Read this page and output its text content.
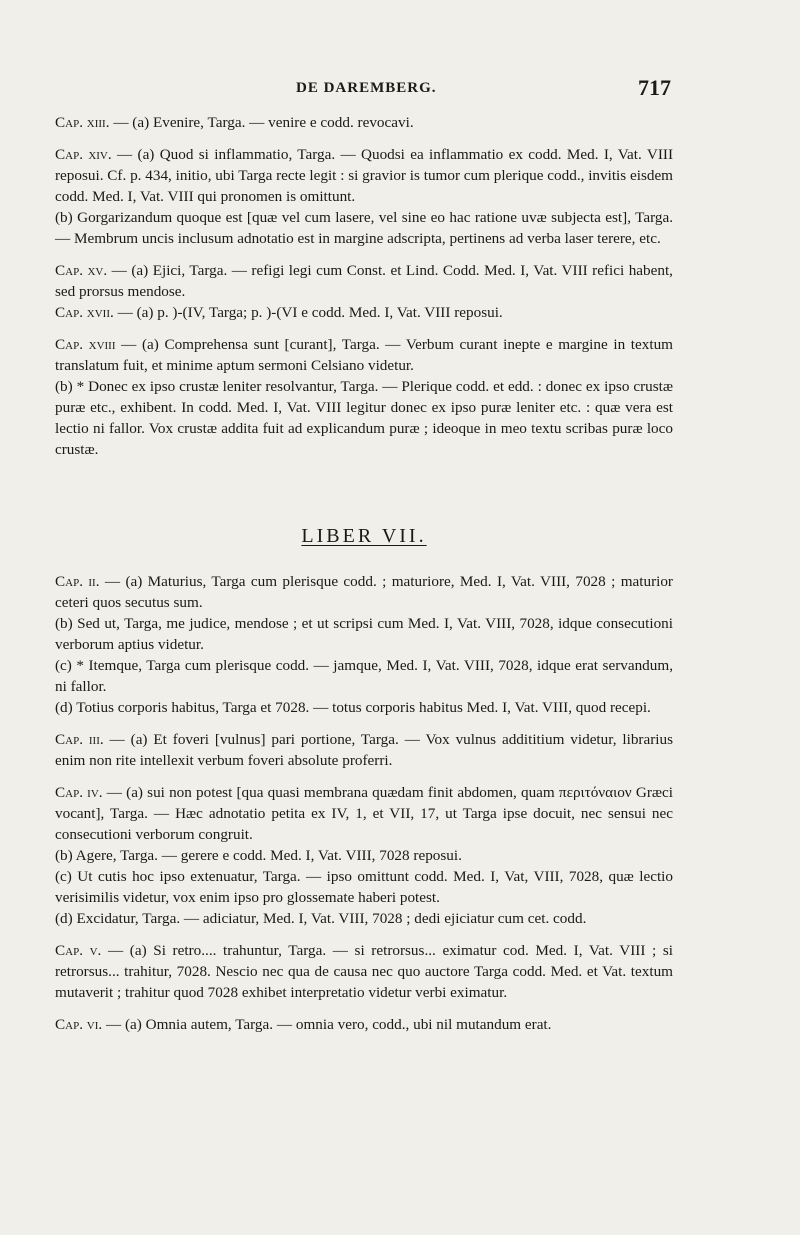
DE DAREMBERG.	717

Cap. xiii. — (a) Evenire, Targa. — venire e codd. revocavi.

Cap. xiv. — (a) Quod si inflammatio, Targa. — Quodsi ea inflammatio ex codd. Med. I, Vat. VIII reposui. Cf. p. 434, initio, ubi Targa recte legit : si gravior is tumor cum plerique codd., invitis eisdem codd. Med. I, Vat. VIII qui pronomen is omittunt.

(b) Gorgarizandum quoque est [quæ vel cum lasere, vel sine eo hac ratione uvæ subjecta est], Targa. — Membrum uncis inclusum adnotatio est in margine adscripta, pertinens ad verba laser terere, etc.

Cap. xv. — (a) Ejici, Targa. — refigi legi cum Const. et Lind. Codd. Med. I, Vat. VIII refici habent, sed prorsus mendose.

Cap. xvii. — (a) p. )-(IV, Targa; p. )-(VI e codd. Med. I, Vat. VIII reposui.

Cap. xviii — (a) Comprehensa sunt [curant], Targa. — Verbum curant inepte e margine in textum translatum fuit, et minime aptum sermoni Celsiano videtur.

(b) * Donec ex ipso crustæ leniter resolvantur, Targa. — Plerique codd. et edd. : donec ex ipso crustæ puræ etc., exhibent. In codd. Med. I, Vat. VIII legitur donec ex ipso puræ leniter etc. : quæ vera est lectio ni fallor. Vox crustæ addita fuit ad explicandum puræ ; ideoque in meo textu scribas puræ loco crustæ.

LIBER VII.

Cap. ii. — (a) Maturius, Targa cum plerisque codd. ; maturiore, Med. I, Vat. VIII, 7028 ; maturior ceteri quos secutus sum.

(b) Sed ut, Targa, me judice, mendose ; et ut scripsi cum Med. I, Vat. VIII, 7028, idque consecutioni verborum aptius videtur.

(c) * Itemque, Targa cum plerisque codd. — jamque, Med. I, Vat. VIII, 7028, idque erat servandum, ni fallor.

(d) Totius corporis habitus, Targa et 7028. — totus corporis habitus Med. I, Vat. VIII, quod recepi.

Cap. iii. — (a) Et foveri [vulnus] pari portione, Targa. — Vox vulnus addititium videtur, librarius enim non rite intellexit verbum foveri absolute proferri.

Cap. iv. — (a) sui non potest [qua quasi membrana quædam finit abdomen, quam περιτόναιον Græci vocant], Targa. — Hæc adnotatio petita ex IV, 1, et VII, 17, ut Targa ipse docuit, nec sensui nec consecutioni verborum congruit.

(b) Agere, Targa. — gerere e codd. Med. I, Vat. VIII, 7028 reposui.

(c) Ut cutis hoc ipso extenuatur, Targa. — ipso omittunt codd. Med. I, Vat, VIII, 7028, quæ lectio verisimilis videtur, vox enim ipso pro glossemate haberi potest.

(d) Excidatur, Targa. — adiciatur, Med. I, Vat. VIII, 7028 ; dedi ejiciatur cum cet. codd.

Cap. v. — (a) Si retro.... trahuntur, Targa. — si retrorsus... eximatur cod. Med. I, Vat. VIII ; si retrorsus... trahitur, 7028. Nescio nec qua de causa nec quo auctore Targa codd. Med. et Vat. textum mutaverit ; trahitur quod 7028 exhibet interpretatio videtur verbi eximatur.

Cap. vi. — (a) Omnia autem, Targa. — omnia vero, codd., ubi nil mutandum erat.
